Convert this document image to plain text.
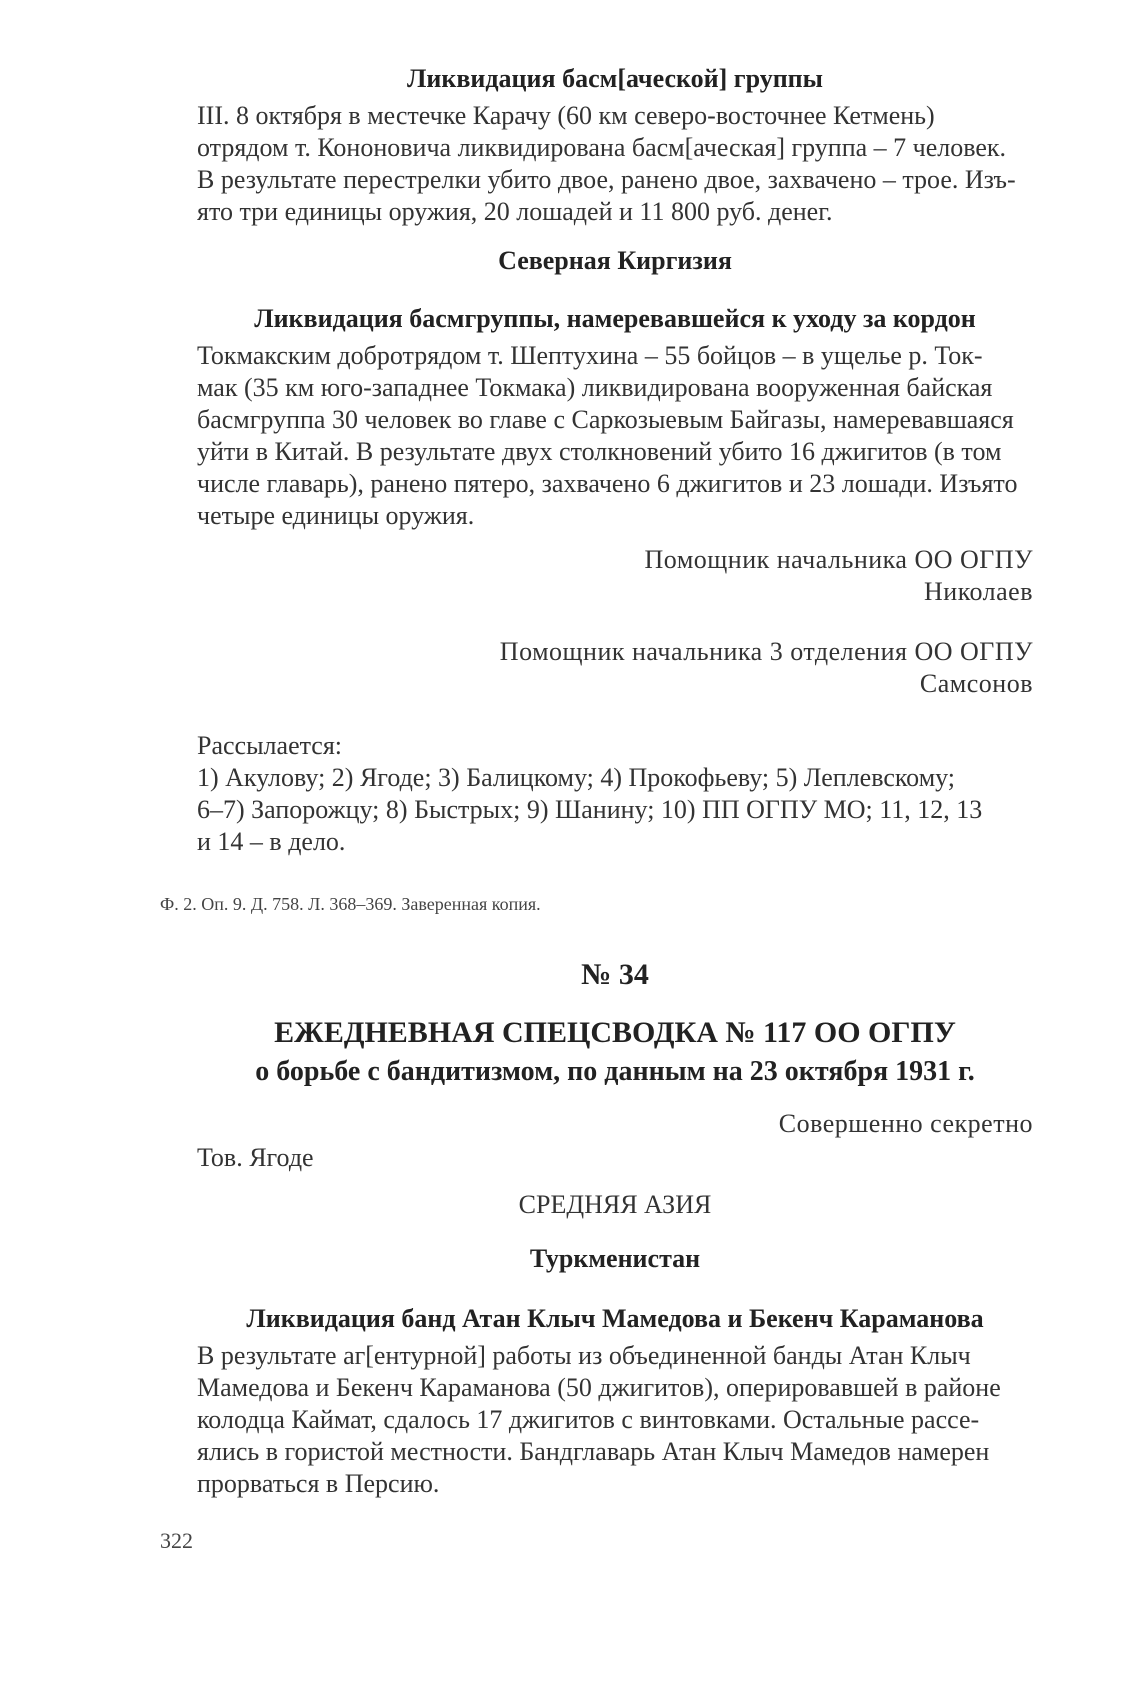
Ликвидация басм[аческой] группы
III. 8 октября в местечке Карачу (60 км северо-восточнее Кетмень)
отрядом т. Кононовича ликвидирована басм[аческая] группа – 7 человек.
В результате перестрелки убито двое, ранено двое, захвачено – трое. Изъ-
ято три единицы оружия, 20 лошадей и 11 800 руб. денег.
Северная Киргизия
Ликвидация басмгруппы, намеревавшейся к уходу за кордон
Токмакским добротрядом т. Шептухина – 55 бойцов – в ущелье р. Ток-
мак (35 км юго-западнее Токмака) ликвидирована вооруженная байская
басмгруппа 30 человек во главе с Саркозыевым Байгазы, намеревавшаяся
уйти в Китай. В результате двух столкновений убито 16 джигитов (в том
числе главарь), ранено пятеро, захвачено 6 джигитов и 23 лошади. Изъято
четыре единицы оружия.
Помощник начальника ОО ОГПУ
Николаев
Помощник начальника 3 отделения ОО ОГПУ
Самсонов
Рассылается:
1) Акулову; 2) Ягоде; 3) Балицкому; 4) Прокофьеву; 5) Леплевскому;
6–7) Запорожцу; 8) Быстрых; 9) Шанину; 10) ПП ОГПУ МО; 11, 12, 13
и 14 – в дело.
Ф. 2. Оп. 9. Д. 758. Л. 368–369. Заверенная копия.
№ 34
ЕЖЕДНЕВНАЯ СПЕЦСВОДКА № 117 ОО ОГПУ
о борьбе с бандитизмом, по данным на 23 октября 1931 г.
Совершенно секретно
Тов. Ягоде
СРЕДНЯЯ АЗИЯ
Туркменистан
Ликвидация банд Атан Клыч Мамедова и Бекенч Караманова
В результате аг[ентурной] работы из объединенной банды Атан Клыч
Мамедова и Бекенч Караманова (50 джигитов), оперировавшей в районе
колодца Каймат, сдалось 17 джигитов с винтовками. Остальные рассе-
ялись в гористой местности. Бандглаварь Атан Клыч Мамедов намерен
прорваться в Персию.
322
